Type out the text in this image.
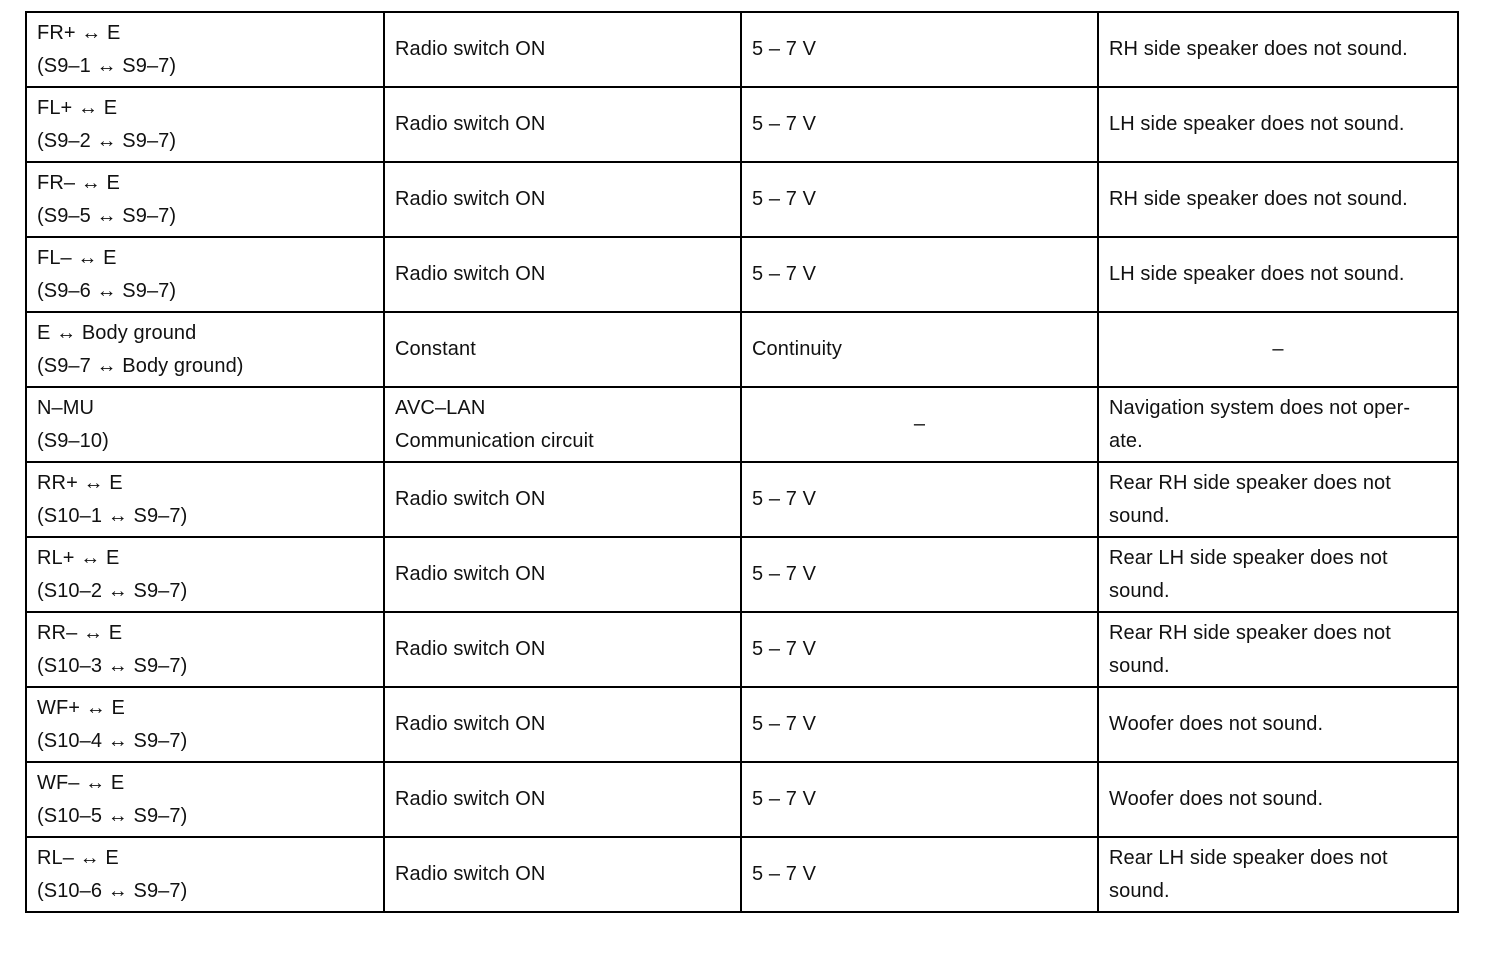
FR+ ↔ E
(S9–1 ↔ S9–7)	Radio switch ON	5 – 7 V	RH side speaker does not sound.

FL+ ↔ E
(S9–2 ↔ S9–7)	Radio switch ON	5 – 7 V	LH side speaker does not sound.

FR– ↔ E
(S9–5 ↔ S9–7)	Radio switch ON	5 – 7 V	RH side speaker does not sound.

FL– ↔ E
(S9–6 ↔ S9–7)	Radio switch ON	5 – 7 V	LH side speaker does not sound.

E ↔ Body ground
(S9–7 ↔ Body ground)	Constant	Continuity	–

N–MU
(S9–10)	AVC–LAN
Communication circuit	–	Navigation system does not oper-
ate.

RR+ ↔ E
(S10–1 ↔ S9–7)	Radio switch ON	5 – 7 V	Rear RH side speaker does not
sound.

RL+ ↔ E
(S10–2 ↔ S9–7)	Radio switch ON	5 – 7 V	Rear LH side speaker does not
sound.

RR– ↔ E
(S10–3 ↔ S9–7)	Radio switch ON	5 – 7 V	Rear RH side speaker does not
sound.

WF+ ↔ E
(S10–4 ↔ S9–7)	Radio switch ON	5 – 7 V	Woofer does not sound.

WF– ↔ E
(S10–5 ↔ S9–7)	Radio switch ON	5 – 7 V	Woofer does not sound.

RL– ↔ E
(S10–6 ↔ S9–7)	Radio switch ON	5 – 7 V	Rear LH side speaker does not
sound.
